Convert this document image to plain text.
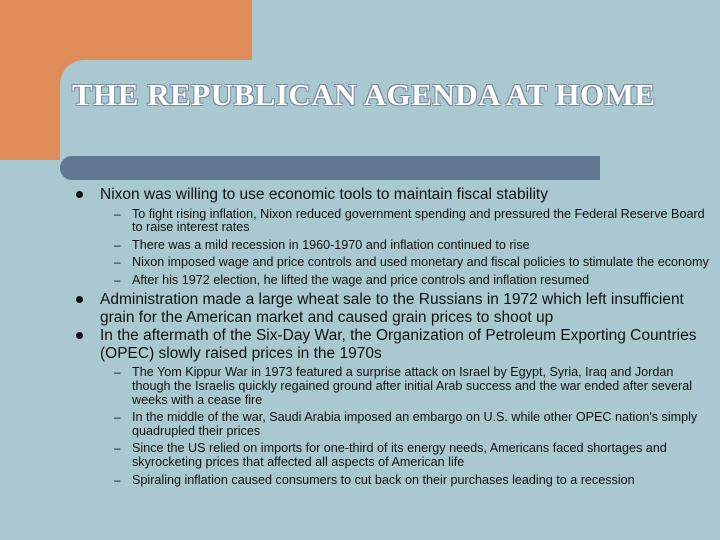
THE REPUBLICAN AGENDA AT HOME
Nixon was willing to use economic tools to maintain fiscal stability
– To fight rising inflation, Nixon reduced government spending and pressured the Federal Reserve Board to raise interest rates
– There was a mild recession in 1960-1970 and inflation continued to rise
– Nixon imposed wage and price controls and used monetary and fiscal policies to stimulate the economy
– After his 1972 election, he lifted the wage and price controls and inflation resumed
Administration made a large wheat sale to the Russians in 1972 which left insufficient grain for the American market and caused grain prices to shoot up
In the aftermath of the Six-Day War, the Organization of Petroleum Exporting Countries (OPEC) slowly raised prices in the 1970s
– The Yom Kippur War in 1973 featured a surprise attack on Israel by Egypt, Syria, Iraq and Jordan though the Israelis quickly regained ground after initial Arab success and the war ended after several weeks with a cease fire
– In the middle of the war, Saudi Arabia imposed an embargo on U.S. while other OPEC nation's simply quadrupled their prices
– Since the US relied on imports for one-third of its energy needs, Americans faced shortages and skyrocketing prices that affected all aspects of American life
– Spiraling inflation caused consumers to cut back on their purchases leading to a recession
